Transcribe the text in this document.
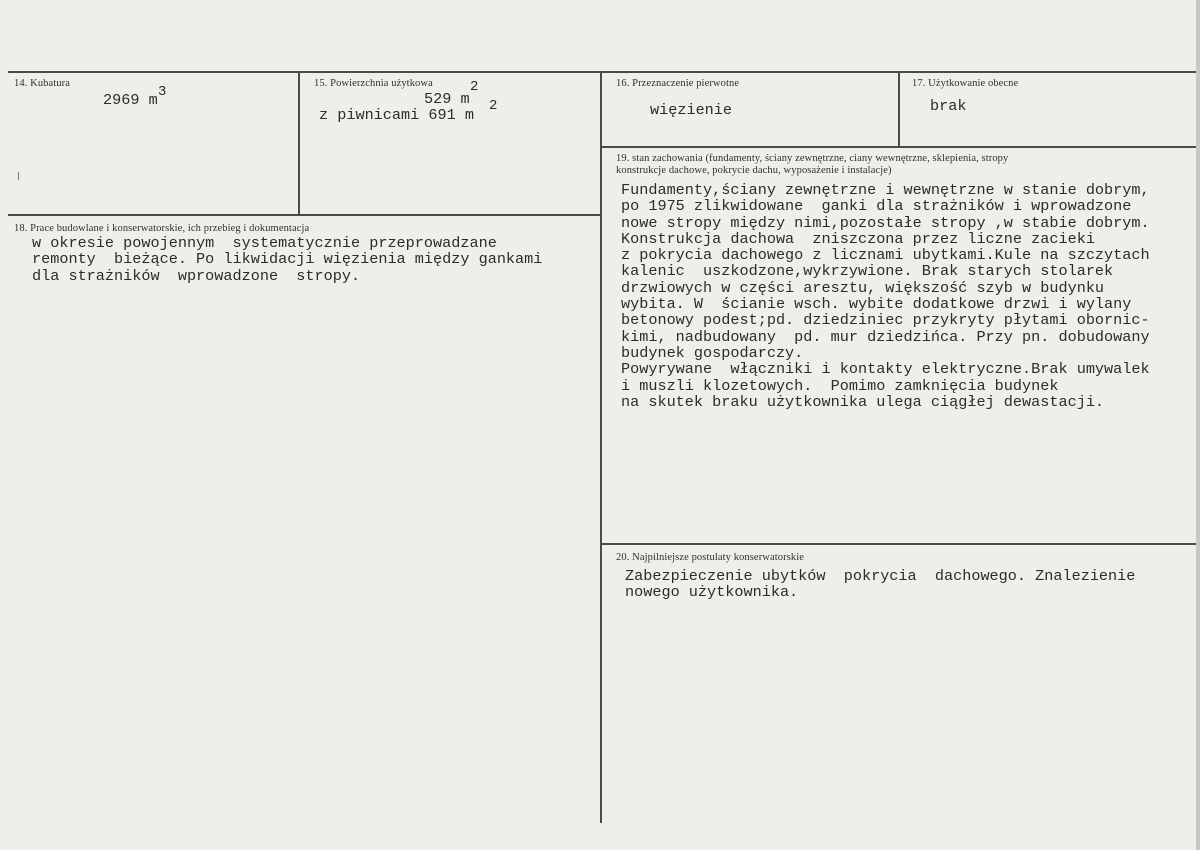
14. Kubatura
2969 m 3
15. Powierzchnia użytkowa
529 m
2
z piwnicami 691 m 2
16. Przeznaczenie pierwotne
więzienie
17. Użytkowanie obecne
brak
19. stan zachowania (fundamenty, ściany zewnętrzne, ciany wewnętrzne, sklepienia, stropy
konstrukcje dachowe, pokrycie dachu, wyposażenie i instalacje)
Fundamenty,ściany zewnętrzne i wewnętrzne w stanie dobrym,
po 1975 zlikwidowane  ganki dla strażników i wprowadzone
nowe stropy między nimi,pozostałe stropy ,w stabie dobrym.
Konstrukcja dachowa  zniszczona przez liczne zacieki
z pokrycia dachowego z licznami ubytkami.Kule na szczytach
kalenic  uszkodzone,wykrzywione. Brak starych stolarek
drzwiowych w części aresztu, większość szyb w budynku
wybita. W  ścianie wsch. wybite dodatkowe drzwi i wylany
betonowy podest;pd. dziedziniec przykryty płytami obornic-
kimi, nadbudowany  pd. mur dziedzińca. Przy pn. dobudowany
budynek gospodarczy.
Powyrywane  włączniki i kontakty elektryczne.Brak umywalek
i muszli klozetowych.  Pomimo zamknięcia budynek
na skutek braku użytkownika ulega ciągłej dewastacji.
18. Prace budowlane i konserwatorskie, ich przebieg i dokumentacja
w okresie powojennym  systematycznie przeprowadzane
remonty  bieżące. Po likwidacji więzienia między gankami
dla strażników  wprowadzone  stropy.
20. Najpilniejsze postulaty konserwatorskie
Zabezpieczenie ubytków  pokrycia  dachowego. Znalezienie
nowego użytkownika.
